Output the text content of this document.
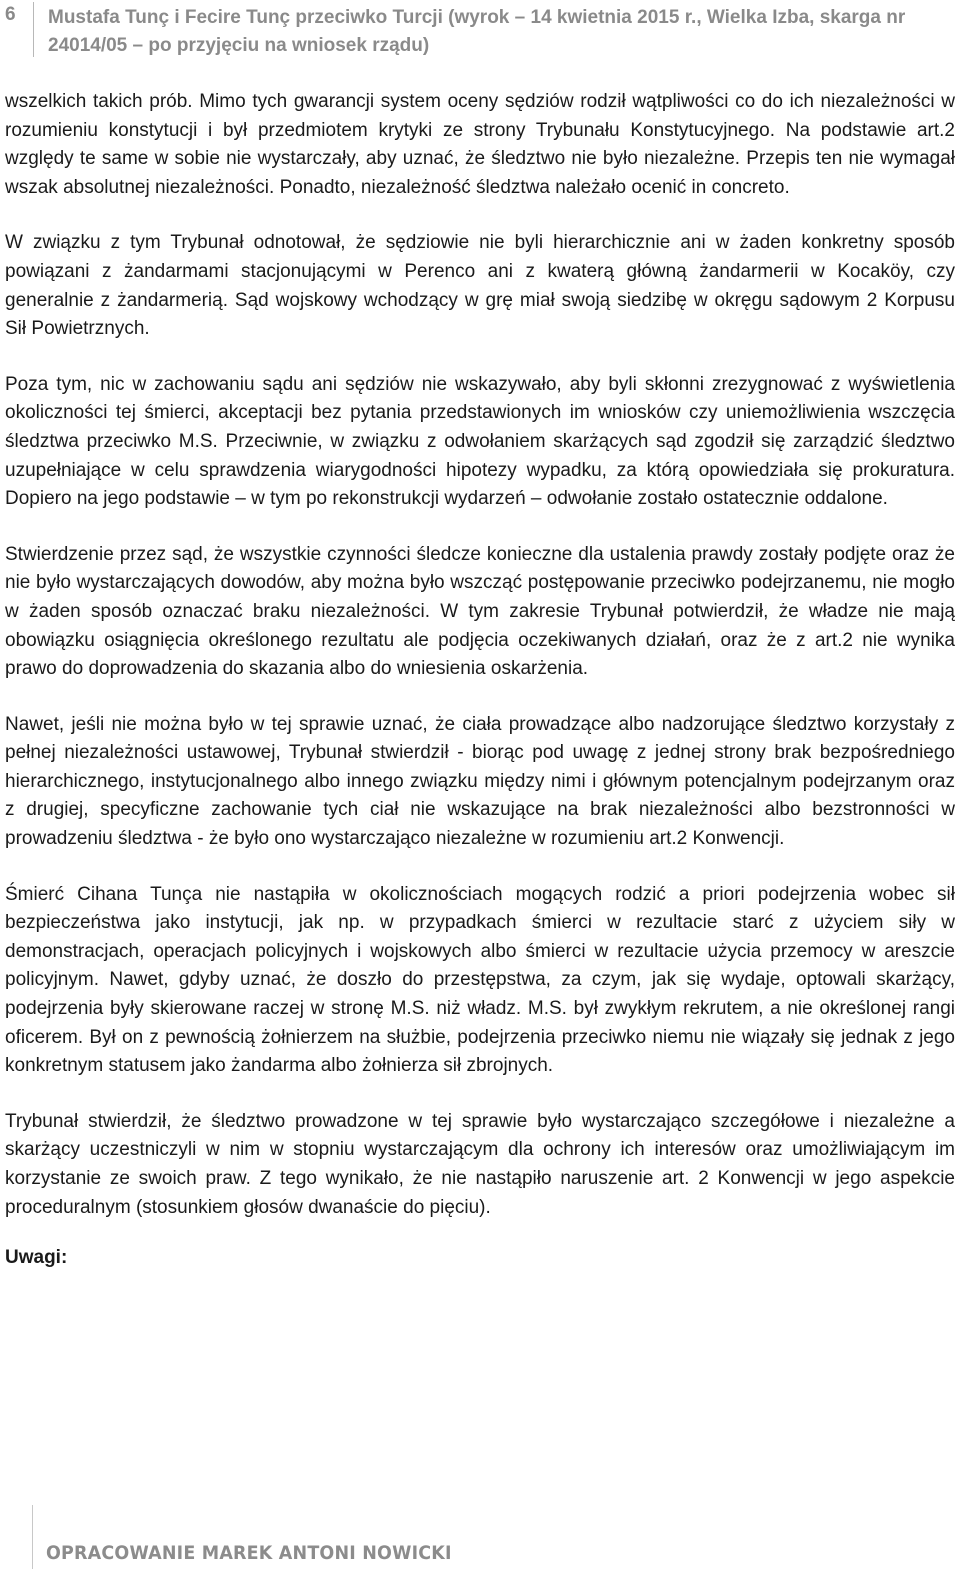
6 Mustafa Tunç i Fecire Tunç przeciwko Turcji (wyrok – 14 kwietnia 2015 r., Wielka Izba, skarga nr 24014/05 – po przyjęciu na wniosek rządu)

wszelkich takich prób. Mimo tych gwarancji system oceny sędziów rodził wątpliwości co do ich niezależności w rozumieniu konstytucji i był przedmiotem krytyki ze strony Trybunału Konstytucyjnego. Na podstawie art.2 względy te same w sobie nie wystarczały, aby uznać, że śledztwo nie było niezależne. Przepis ten nie wymagał wszak absolutnej niezależności. Ponadto, niezależność śledztwa należało ocenić in concreto.

W związku z tym Trybunał odnotował, że sędziowie nie byli hierarchicznie ani w żaden konkretny sposób powiązani z żandarmami stacjonującymi w Perenco ani z kwaterą główną żandarmerii w Kocaköy, czy generalnie z żandarmerią. Sąd wojskowy wchodzący w grę miał swoją siedzibę w okręgu sądowym 2 Korpusu Sił Powietrznych.

Poza tym, nic w zachowaniu sądu ani sędziów nie wskazywało, aby byli skłonni zrezygnować z wyświetlenia okoliczności tej śmierci, akceptacji bez pytania przedstawionych im wniosków czy uniemożliwienia wszczęcia śledztwa przeciwko M.S. Przeciwnie, w związku z odwołaniem skarżących sąd zgodził się zarządzić śledztwo uzupełniające w celu sprawdzenia wiarygodności hipotezy wypadku, za którą opowiedziała się prokuratura. Dopiero na jego podstawie – w tym po rekonstrukcji wydarzeń – odwołanie zostało ostatecznie oddalone.

Stwierdzenie przez sąd, że wszystkie czynności śledcze konieczne dla ustalenia prawdy zostały podjęte oraz że nie było wystarczających dowodów, aby można było wszcząć postępowanie przeciwko podejrzanemu, nie mogło w żaden sposób oznaczać braku niezależności. W tym zakresie Trybunał potwierdził, że władze nie mają obowiązku osiągnięcia określonego rezultatu ale podjęcia oczekiwanych działań, oraz że z art.2 nie wynika prawo do doprowadzenia do skazania albo do wniesienia oskarżenia.

Nawet, jeśli nie można było w tej sprawie uznać, że ciała prowadzące albo nadzorujące śledztwo korzystały z pełnej niezależności ustawowej, Trybunał stwierdził - biorąc pod uwagę z jednej strony brak bezpośredniego hierarchicznego, instytucjonalnego albo innego związku między nimi i głównym potencjalnym podejrzanym oraz z drugiej, specyficzne zachowanie tych ciał nie wskazujące na brak niezależności albo bezstronności w prowadzeniu śledztwa - że było ono wystarczająco niezależne w rozumieniu art.2 Konwencji.

Śmierć Cihana Tunça nie nastąpiła w okolicznościach mogących rodzić a priori podejrzenia wobec sił bezpieczeństwa jako instytucji, jak np. w przypadkach śmierci w rezultacie starć z użyciem siły w demonstracjach, operacjach policyjnych i wojskowych albo śmierci w rezultacie użycia przemocy w areszcie policyjnym. Nawet, gdyby uznać, że doszło do przestępstwa, za czym, jak się wydaje, optowali skarżący, podejrzenia były skierowane raczej w stronę M.S. niż władz. M.S. był zwykłym rekrutem, a nie określonej rangi oficerem. Był on z pewnością żołnierzem na służbie, podejrzenia przeciwko niemu nie wiązały się jednak z jego konkretnym statusem jako żandarma albo żołnierza sił zbrojnych.

Trybunał stwierdził, że śledztwo prowadzone w tej sprawie było wystarczająco szczegółowe i niezależne a skarżący uczestniczyli w nim w stopniu wystarczającym dla ochrony ich interesów oraz umożliwiającym im korzystanie ze swoich praw. Z tego wynikało, że nie nastąpiło naruszenie art. 2 Konwencji w jego aspekcie proceduralnym (stosunkiem głosów dwanaście do pięciu).

Uwagi:
OPRACOWANIE MAREK ANTONI NOWICKI
